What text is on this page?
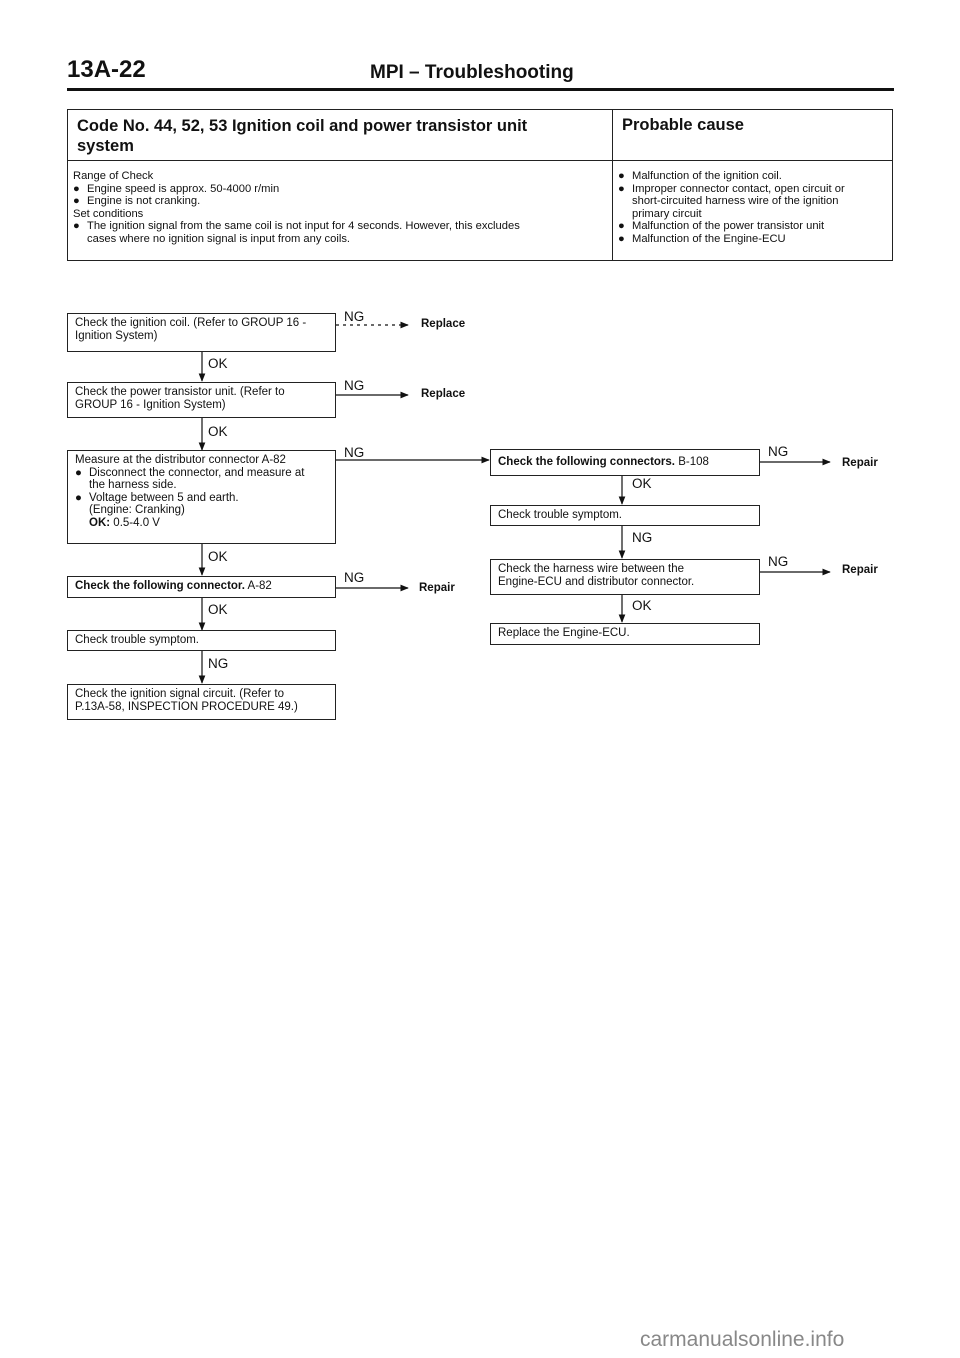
13A-22	MPI – Troubleshooting
Code No. 44, 52, 53 Ignition coil and power transistor unit
system
Probable cause
Range of Check
● Engine speed is approx. 50-4000 r/min
● Engine is not cranking.
Set conditions
● The ignition signal from the same coil is not input for 4 seconds. However, this excludes
cases where no ignition signal is input from any coils.
● Malfunction of the ignition coil.
● Improper connector contact, open circuit or
short-circuited harness wire of the ignition
primary circuit
● Malfunction of the power transistor unit
● Malfunction of the Engine-ECU
Check the ignition coil. (Refer to GROUP 16 -
Ignition System)
Check the power transistor unit. (Refer to
GROUP 16 - Ignition System)
Measure at the distributor connector A-82
● Disconnect the connector, and measure at
the harness side.
● Voltage between 5 and earth.
(Engine: Cranking)
OK: 0.5-4.0 V
Check the following connector. A-82
Check trouble symptom.
Check the ignition signal circuit. (Refer to
P.13A-58, INSPECTION PROCEDURE 49.)
Check the following connectors. B-108
Check trouble symptom.
Check the harness wire between the
Engine-ECU and distributor connector.
Replace the Engine-ECU.
OK
OK
OK
OK
NG
NG
NG
NG
NG
Replace
Replace
Repair
OK
NG
OK
NG
NG
Repair
Repair
carmanualsonline.info
